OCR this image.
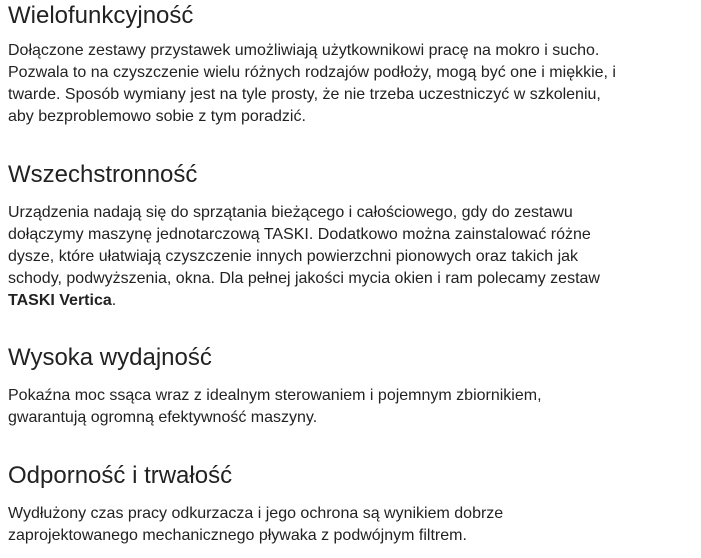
Wielofunkcyjność

Dołączone zestawy przystawek umożliwiają użytkownikowi pracę na mokro i sucho.
Pozwala to na czyszczenie wielu różnych rodzajów podłoży, mogą być one i miękkie, i
twarde. Sposób wymiany jest na tyle prosty, że nie trzeba uczestniczyć w szkoleniu,
aby bezproblemowo sobie z tym poradzić.

Wszechstronność

Urządzenia nadają się do sprzątania bieżącego i całościowego, gdy do zestawu
dołączymy maszynę jednotarczową TASKI. Dodatkowo można zainstalować różne
dysze, które ułatwiają czyszczenie innych powierzchni pionowych oraz takich jak
schody, podwyższenia, okna. Dla pełnej jakości mycia okien i ram polecamy zestaw
TASKI Vertica.

Wysoka wydajność

Pokaźna moc ssąca wraz z idealnym sterowaniem i pojemnym zbiornikiem,
gwarantują ogromną efektywność maszyny.

Odporność i trwałość

Wydłużony czas pracy odkurzacza i jego ochrona są wynikiem dobrze
zaprojektowanego mechanicznego pływaka z podwójnym filtrem.
